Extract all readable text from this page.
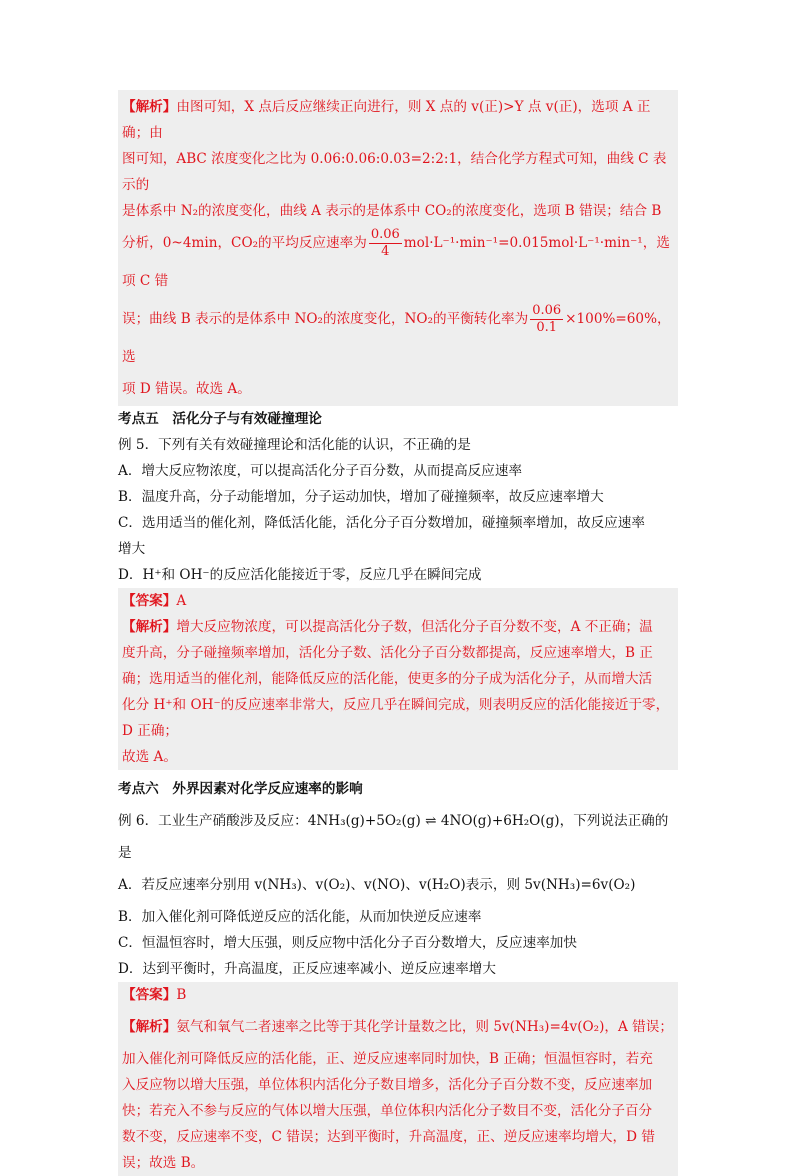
【解析】由图可知，X 点后反应继续正向进行，则 X 点的 v(正)>Y 点 v(正)，选项 A 正确；由
图可知，ABC 浓度变化之比为 0.06:0.06:0.03=2:2:1，结合化学方程式可知，曲线 C 表示的
是体系中 N₂的浓度变化，曲线 A 表示的是体系中 CO₂的浓度变化，选项 B 错误；结合 B
分析，0~4min，CO₂的平均反应速率为 $\frac{0.06}{4} mol\cdot L^{-1}\cdot\min^{-1}=0.015mol\cdot L^{-1}\cdot\min^{-1}$，选项 C 错
误；曲线 B 表示的是体系中 NO₂的浓度变化，NO₂的平衡转化率为 $\frac{0.06}{0.1} \times 100\%=60\%$，选
项 D 错误。故选 A。
考点五　活化分子与有效碰撞理论
例 5．下列有关有效碰撞理论和活化能的认识，不正确的是
A．增大反应物浓度，可以提高活化分子百分数，从而提高反应速率
B．温度升高，分子动能增加，分子运动加快，增加了碰撞频率，故反应速率增大
C．选用适当的催化剂，降低活化能，活化分子百分数增加，碰撞频率增加，故反应速率
增大
D．H⁺和 OH⁻的反应活化能接近于零，反应几乎在瞬间完成
【答案】A
【解析】增大反应物浓度，可以提高活化分子数，但活化分子百分数不变，A 不正确；温
度升高，分子碰撞频率增加，活化分子数、活化分子百分数都提高，反应速率增大，B 正
确；选用适当的催化剂，能降低反应的活化能，使更多的分子成为活化分子，从而增大活
化分 H⁺和 OH⁻的反应速率非常大，反应几乎在瞬间完成，则表明反应的活化能接近于零，
D 正确；
故选 A。
考点六　外界因素对化学反应速率的影响
例 6．工业生产硝酸涉及反应：4NH₃(g)+5O₂(g) ⇌ 4NO(g)+6H₂O(g)，下列说法正确的
是
A．若反应速率分别用 v(NH₃)、v(O₂)、v(NO)、v(H₂O)表示，则 5v(NH₃)=6v(O₂)
B．加入催化剂可降低逆反应的活化能，从而加快逆反应速率
C．恒温恒容时，增大压强，则反应物中活化分子百分数增大，反应速率加快
D．达到平衡时，升高温度，正反应速率减小、逆反应速率增大
【答案】B
【解析】氨气和氧气二者速率之比等于其化学计量数之比，则 5v(NH₃)=4v(O₂)，A 错误；
加入催化剂可降低反应的活化能，正、逆反应速率同时加快，B 正确；恒温恒容时，若充
入反应物以增大压强，单位体积内活化分子数目增多，活化分子百分数不变，反应速率加
快；若充入不参与反应的气体以增大压强，单位体积内活化分子数目不变，活化分子百分
数不变，反应速率不变，C 错误；达到平衡时，升高温度，正、逆反应速率均增大，D 错
误；故选 B。
